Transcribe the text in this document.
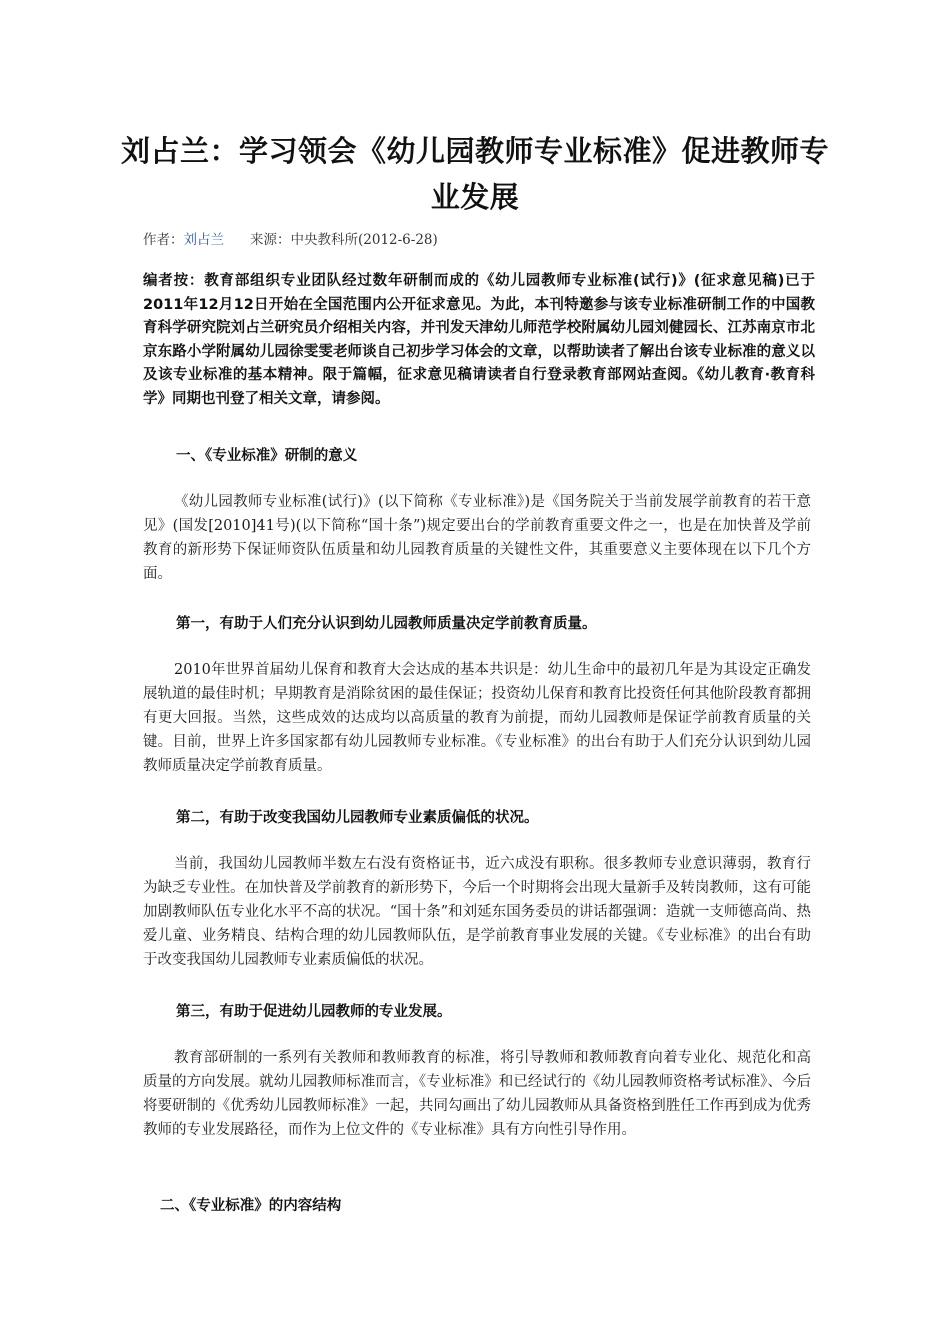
刘占兰：学习领会《幼儿园教师专业标准》促进教师专业发展
作者：刘占兰 来源：中央教科所(2012-6-28)

编者按：教育部组织专业团队经过数年研制而成的《幼儿园教师专业标准(试行)》(征求意见稿)已于2011年12月12日开始在全国范围内公开征求意见。为此，本刊特邀参与该专业标准研制工作的中国教育科学研究院刘占兰研究员介绍相关内容，并刊发天津幼儿师范学校附属幼儿园刘健园长、江苏南京市北京东路小学附属幼儿园徐雯雯老师谈自己初步学习体会的文章，以帮助读者了解出台该专业标准的意义以及该专业标准的基本精神。限于篇幅，征求意见稿请读者自行登录教育部网站查阅。《幼儿教育·教育科学》同期也刊登了相关文章，请参阅。

一、《专业标准》研制的意义

《幼儿园教师专业标准(试行)》(以下简称《专业标准》)是《国务院关于当前发展学前教育的若干意见》(国发[2010]41号)(以下简称“国十条”)规定要出台的学前教育重要文件之一，也是在加快普及学前教育的新形势下保证师资队伍质量和幼儿园教育质量的关键性文件，其重要意义主要体现在以下几个方面。

第一，有助于人们充分认识到幼儿园教师质量决定学前教育质量。

2010年世界首届幼儿保育和教育大会达成的基本共识是：幼儿生命中的最初几年是为其设定正确发展轨道的最佳时机；早期教育是消除贫困的最佳保证；投资幼儿保育和教育比投资任何其他阶段教育都拥有更大回报。当然，这些成效的达成均以高质量的教育为前提，而幼儿园教师是保证学前教育质量的关键。目前，世界上许多国家都有幼儿园教师专业标准。《专业标准》的出台有助于人们充分认识到幼儿园教师质量决定学前教育质量。

第二，有助于改变我国幼儿园教师专业素质偏低的状况。

当前，我国幼儿园教师半数左右没有资格证书，近六成没有职称。很多教师专业意识薄弱，教育行为缺乏专业性。在加快普及学前教育的新形势下，今后一个时期将会出现大量新手及转岗教师，这有可能加剧教师队伍专业化水平不高的状况。“国十条”和刘延东国务委员的讲话都强调：造就一支师德高尚、热爱儿童、业务精良、结构合理的幼儿园教师队伍，是学前教育事业发展的关键。《专业标准》的出台有助于改变我国幼儿园教师专业素质偏低的状况。

第三，有助于促进幼儿园教师的专业发展。

教育部研制的一系列有关教师和教师教育的标准，将引导教师和教师教育向着专业化、规范化和高质量的方向发展。就幼儿园教师标准而言，《专业标准》和已经试行的《幼儿园教师资格考试标准》、今后将要研制的《优秀幼儿园教师标准》一起，共同勾画出了幼儿园教师从具备资格到胜任工作再到成为优秀教师的专业发展路径，而作为上位文件的《专业标准》具有方向性引导作用。

二、《专业标准》的内容结构
